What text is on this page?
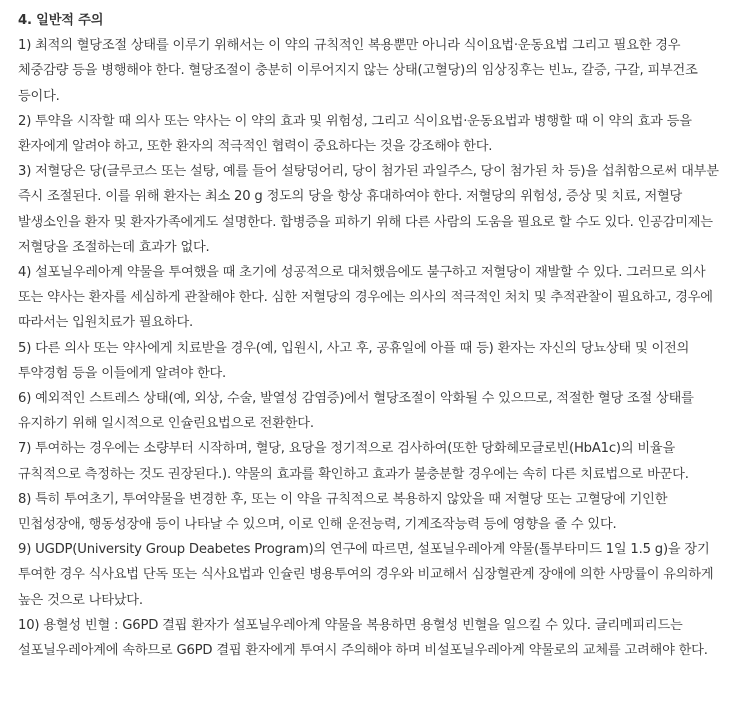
4. 일반적 주의

1) 최적의 혈당조절 상태를 이루기 위해서는 이 약의 규칙적인 복용뿐만 아니라 식이요법·운동요법 그리고 필요한 경우 체중감량 등을 병행해야 한다. 혈당조절이 충분히 이루어지지 않는 상태(고혈당)의 임상징후는 빈뇨, 갈증, 구갈, 피부건조 등이다.

2) 투약을 시작할 때 의사 또는 약사는 이 약의 효과 및 위험성, 그리고 식이요법·운동요법과 병행할 때 이 약의 효과 등을 환자에게 알려야 하고, 또한 환자의 적극적인 협력이 중요하다는 것을 강조해야 한다.

3) 저혈당은 당(글루코스 또는 설탕, 예를 들어 설탕덩어리, 당이 첨가된 과일주스, 당이 첨가된 차 등)을 섭취함으로써 대부분 즉시 조절된다. 이를 위해 환자는 최소 20 g 정도의 당을 항상 휴대하여야 한다. 저혈당의 위험성, 증상 및 치료, 저혈당 발생소인을 환자 및 환자가족에게도 설명한다. 합병증을 피하기 위해 다른 사람의 도움을 필요로 할 수도 있다. 인공감미제는 저혈당을 조절하는데 효과가 없다.

4) 설포닐우레아계 약물을 투여했을 때 초기에 성공적으로 대처했음에도 불구하고 저혈당이 재발할 수 있다. 그러므로 의사 또는 약사는 환자를 세심하게 관찰해야 한다. 심한 저혈당의 경우에는 의사의 적극적인 처치 및 추적관찰이 필요하고, 경우에 따라서는 입원치료가 필요하다.

5) 다른 의사 또는 약사에게 치료받을 경우(예, 입원시, 사고 후, 공휴일에 아플 때 등) 환자는 자신의 당뇨상태 및 이전의 투약경험 등을 이들에게 알려야 한다.

6) 예외적인 스트레스 상태(예, 외상, 수술, 발열성 감염증)에서 혈당조절이 악화될 수 있으므로, 적절한 혈당 조절 상태를 유지하기 위해 일시적으로 인슐린요법으로 전환한다.

7) 투여하는 경우에는 소량부터 시작하며, 혈당, 요당을 정기적으로 검사하여(또한 당화헤모글로빈(HbA1c)의 비율을 규칙적으로 측정하는 것도 권장된다.). 약물의 효과를 확인하고 효과가 불충분할 경우에는 속히 다른 치료법으로 바꾼다.

8) 특히 투여초기, 투여약물을 변경한 후, 또는 이 약을 규칙적으로 복용하지 않았을 때 저혈당 또는 고혈당에 기인한 민첩성장애, 행동성장애 등이 나타날 수 있으며, 이로 인해 운전능력, 기계조작능력 등에 영향을 줄 수 있다.

9) UGDP(University Group Deabetes Program)의 연구에 따르면, 설포닐우레아계 약물(톨부타미드 1일 1.5 g)을 장기 투여한 경우 식사요법 단독 또는 식사요법과 인슐린 병용투여의 경우와 비교해서 심장혈관계 장애에 의한 사망률이 유의하게 높은 것으로 나타났다.

10) 용혈성 빈혈 : G6PD 결핍 환자가 설포닐우레아계 약물을 복용하면 용혈성 빈혈을 일으킬 수 있다. 글리메피리드는 설포닐우레아계에 속하므로 G6PD 결핍 환자에게 투여시 주의해야 하며 비설포닐우레아계 약물로의 교체를 고려해야 한다.
